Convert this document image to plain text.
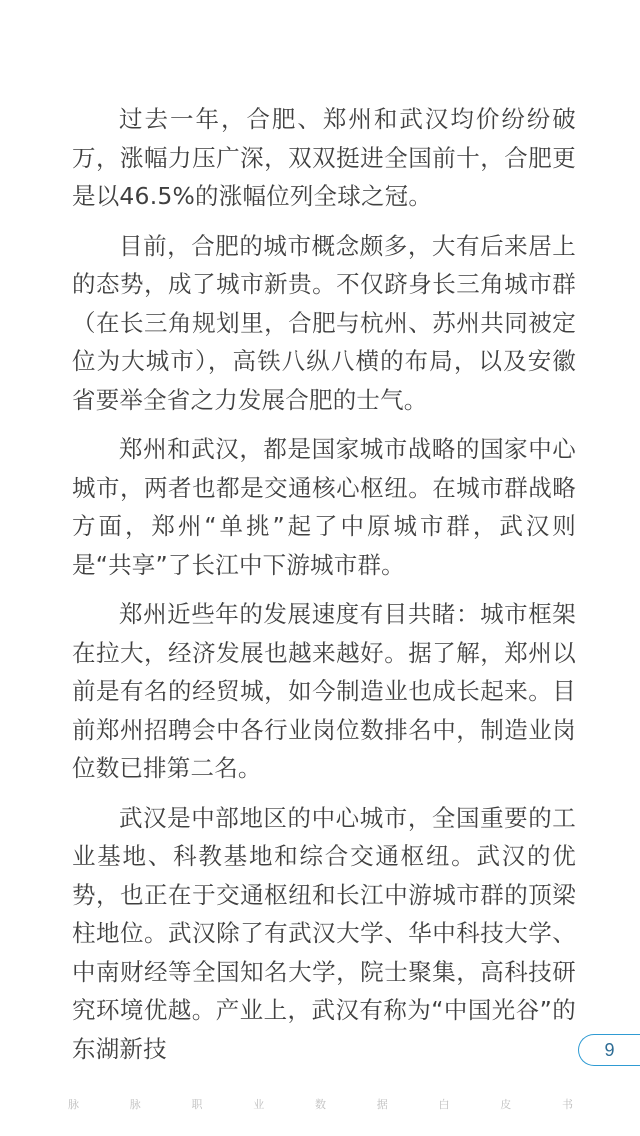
过去一年，合肥、郑州和武汉均价纷纷破万，涨幅力压广深，双双挺进全国前十，合肥更是以46.5%的涨幅位列全球之冠。

目前，合肥的城市概念颇多，大有后来居上的态势，成了城市新贵。不仅跻身长三角城市群（在长三角规划里，合肥与杭州、苏州共同被定位为大城市），高铁八纵八横的布局，以及安徽省要举全省之力发展合肥的士气。

郑州和武汉，都是国家城市战略的国家中心城市，两者也都是交通核心枢纽。在城市群战略方面，郑州“单挑”起了中原城市群，武汉则是“共享”了长江中下游城市群。

郑州近些年的发展速度有目共睹：城市框架在拉大，经济发展也越来越好。据了解，郑州以前是有名的经贸城，如今制造业也成长起来。目前郑州招聘会中各行业岗位数排名中，制造业岗位数已排第二名。

武汉是中部地区的中心城市，全国重要的工业基地、科教基地和综合交通枢纽。武汉的优势，也正在于交通枢纽和长江中游城市群的顶梁柱地位。武汉除了有武汉大学、华中科技大学、中南财经等全国知名大学，院士聚集，高科技研究环境优越。产业上，武汉有称为“中国光谷”的东湖新技	9
脉	脉	职	业	数	据	白	皮	书
